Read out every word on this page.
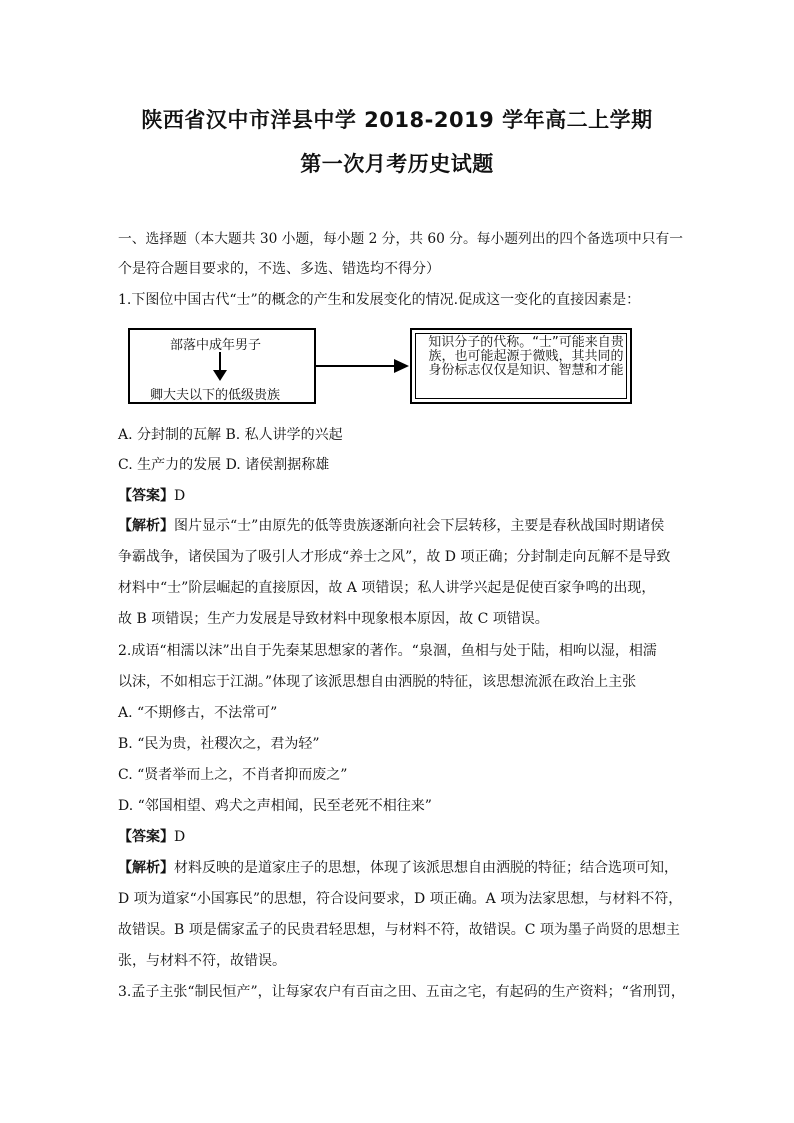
陕西省汉中市洋县中学 2018-2019 学年高二上学期
第一次月考历史试题
一、选择题（本大题共 30 小题，每小题 2 分，共 60 分。每小题列出的四个备选项中只有一
个是符合题目要求的，不选、多选、错选均不得分）
1.下图位中国古代“士”的概念的产生和发展变化的情况.促成这一变化的直接因素是：
部落中成年男子
卿大夫以下的低级贵族
知识分子的代称。“士”可能来自贵族，也可能起源于微贱，其共同的身份标志仅仅是知识、智慧和才能
A. 分封制的瓦解 B. 私人讲学的兴起
C. 生产力的发展 D. 诸侯割据称雄
【答案】D
【解析】图片显示“士”由原先的低等贵族逐渐向社会下层转移，主要是春秋战国时期诸侯
争霸战争，诸侯国为了吸引人才形成“养士之风”，故 D 项正确；分封制走向瓦解不是导致
材料中“士”阶层崛起的直接原因，故 A 项错误；私人讲学兴起是促使百家争鸣的出现，
故 B 项错误；生产力发展是导致材料中现象根本原因，故 C 项错误。
2.成语“相濡以沫”出自于先秦某思想家的著作。“泉涸，鱼相与处于陆，相呴以湿，相濡
以沫，不如相忘于江湖。”体现了该派思想自由洒脱的特征，该思想流派在政治上主张
A. “不期修古，不法常可”
B. “民为贵，社稷次之，君为轻”
C. “贤者举而上之，不肖者抑而废之”
D. “邻国相望、鸡犬之声相闻，民至老死不相往来”
【答案】D
【解析】材料反映的是道家庄子的思想，体现了该派思想自由洒脱的特征；结合选项可知，
D 项为道家“小国寡民”的思想，符合设问要求，D 项正确。A 项为法家思想，与材料不符，
故错误。B 项是儒家孟子的民贵君轻思想，与材料不符，故错误。C 项为墨子尚贤的思想主
张，与材料不符，故错误。
3.孟子主张“制民恒产”，让每家农户有百亩之田、五亩之宅，有起码的生产资料；“省刑罚，
